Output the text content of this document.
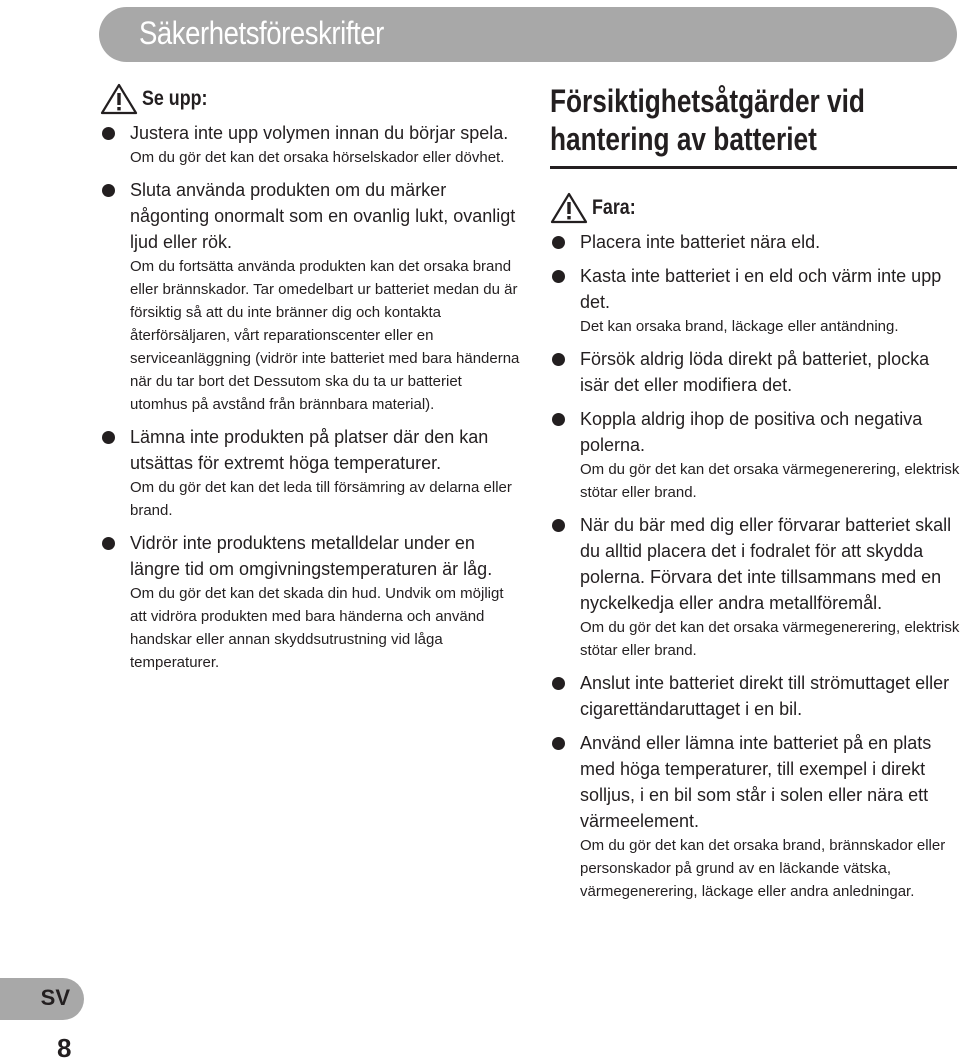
Säkerhetsföreskrifter
Se upp:
Justera inte upp volymen innan du börjar spela.
Om du gör det kan det orsaka hörselskador eller dövhet.
Sluta använda produkten om du märker någonting onormalt som en ovanlig lukt, ovanligt ljud eller rök.
Om du fortsätta använda produkten kan det orsaka brand eller brännskador. Tar omedelbart ur batteriet medan du är försiktig så att du inte bränner dig och kontakta återförsäljaren, vårt reparationscenter eller en serviceanläggning (vidrör inte batteriet med bara händerna när du tar bort det Dessutom ska du ta ur batteriet utomhus på avstånd från brännbara material).
Lämna inte produkten på platser där den kan utsättas för extremt höga temperaturer.
Om du gör det kan det leda till försämring av delarna eller brand.
Vidrör inte produktens metalldelar under en längre tid om omgivningstemperaturen är låg.
Om du gör det kan det skada din hud. Undvik om möjligt att vidröra produkten med bara händerna och använd handskar eller annan skyddsutrustning vid låga temperaturer.
Försiktighetsåtgärder vid hantering av batteriet
Fara:
Placera inte batteriet nära eld.
Kasta inte batteriet i en eld och värm inte upp det.
Det kan orsaka brand, läckage eller antändning.
Försök aldrig löda direkt på batteriet, plocka isär det eller modifiera det.
Koppla aldrig ihop de positiva och negativa polerna.
Om du gör det kan det orsaka värmegenerering, elektrisk stötar eller brand.
När du bär med dig eller förvarar batteriet skall du alltid placera det i fodralet för att skydda polerna. Förvara det inte tillsammans med en nyckelkedja eller andra metallföremål.
Om du gör det kan det orsaka värmegenerering, elektrisk stötar eller brand.
Anslut inte batteriet direkt till strömuttaget eller cigarettändaruttaget i en bil.
Använd eller lämna inte batteriet på en plats med höga temperaturer, till exempel i direkt solljus, i en bil som står i solen eller nära ett värmeelement.
Om du gör det kan det orsaka brand, brännskador eller personskador på grund av en läckande vätska, värmegenerering, läckage eller andra anledningar.
SV
8
